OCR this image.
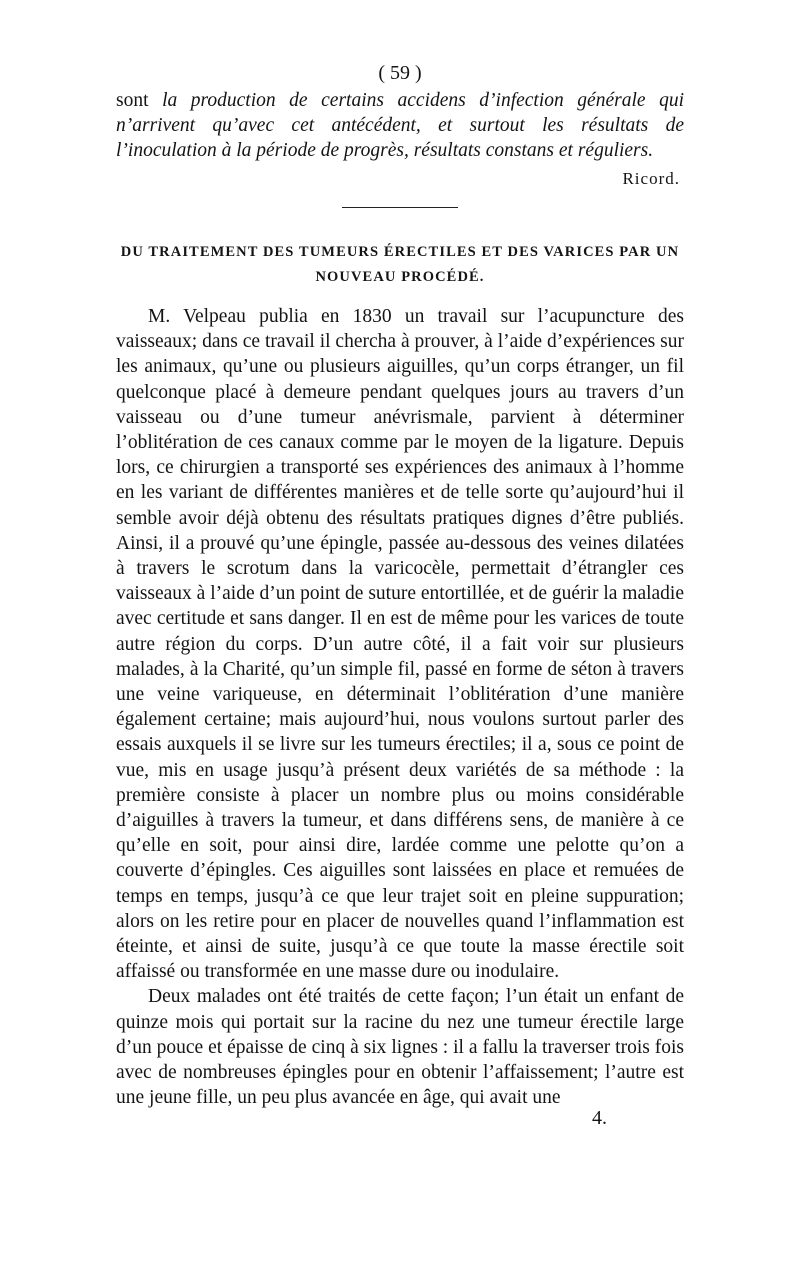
( 59 )

sont la production de certains accidens d’infection générale qui n’arrivent qu’avec cet antécédent, et surtout les résultats de l’inoculation à la période de progrès, résultats constans et réguliers.

Ricord.
DU TRAITEMENT DES TUMEURS ÉRECTILES ET DES VARICES PAR UN NOUVEAU PROCÉDÉ.

M. Velpeau publia en 1830 un travail sur l’acupuncture des vaisseaux; dans ce travail il chercha à prouver, à l’aide d’expériences sur les animaux, qu’une ou plusieurs aiguilles, qu’un corps étranger, un fil quelconque placé à demeure pendant quelques jours au travers d’un vaisseau ou d’une tumeur anévrismale, parvient à déterminer l’oblitération de ces canaux comme par le moyen de la ligature. Depuis lors, ce chirurgien a transporté ses expériences des animaux à l’homme en les variant de différentes manières et de telle sorte qu’aujourd’hui il semble avoir déjà obtenu des résultats pratiques dignes d’être publiés. Ainsi, il a prouvé qu’une épingle, passée au-dessous des veines dilatées à travers le scrotum dans la varicocèle, permettait d’étrangler ces vaisseaux à l’aide d’un point de suture entortillée, et de guérir la maladie avec certitude et sans danger. Il en est de même pour les varices de toute autre région du corps. D’un autre côté, il a fait voir sur plusieurs malades, à la Charité, qu’un simple fil, passé en forme de séton à travers une veine variqueuse, en déterminait l’oblitération d’une manière également certaine; mais aujourd’hui, nous voulons surtout parler des essais auxquels il se livre sur les tumeurs érectiles; il a, sous ce point de vue, mis en usage jusqu’à présent deux variétés de sa méthode : la première consiste à placer un nombre plus ou moins considérable d’aiguilles à travers la tumeur, et dans différens sens, de manière à ce qu’elle en soit, pour ainsi dire, lardée comme une pelotte qu’on a couverte d’épingles. Ces aiguilles sont laissées en place et remuées de temps en temps, jusqu’à ce que leur trajet soit en pleine suppuration; alors on les retire pour en placer de nouvelles quand l’inflammation est éteinte, et ainsi de suite, jusqu’à ce que toute la masse érectile soit affaissé ou transformée en une masse dure ou inodulaire.

Deux malades ont été traités de cette façon; l’un était un enfant de quinze mois qui portait sur la racine du nez une tumeur érectile large d’un pouce et épaisse de cinq à six lignes : il a fallu la traverser trois fois avec de nombreuses épingles pour en obtenir l’affaissement; l’autre est une jeune fille, un peu plus avancée en âge, qui avait une

4.
